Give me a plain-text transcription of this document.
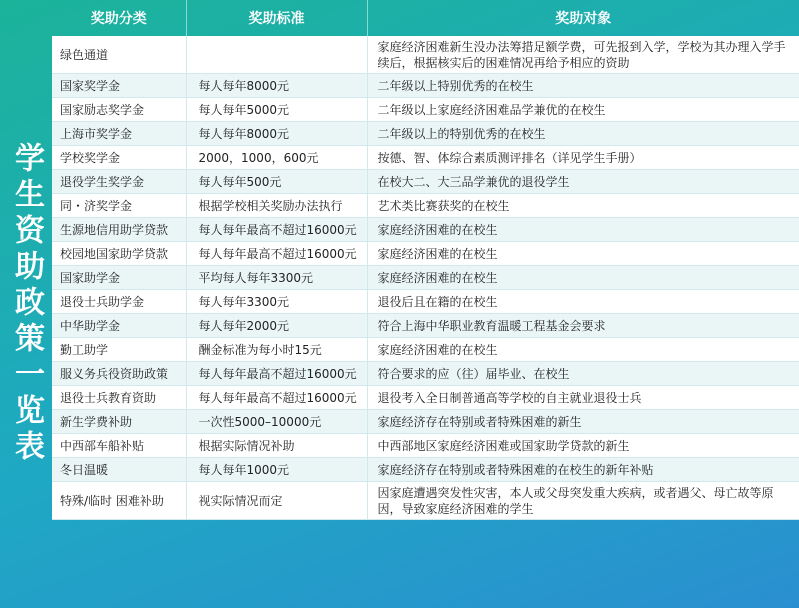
学生资助政策一览表
奖助分类	奖助标准	奖助对象
绿色通道		家庭经济困难新生没办法筹措足额学费，可先报到入学，学校为其办理入学手续后，根据核实后的困难情况再给予相应的资助
国家奖学金	每人每年8000元	二年级以上特别优秀的在校生
国家励志奖学金	每人每年5000元	二年级以上家庭经济困难品学兼优的在校生
上海市奖学金	每人每年8000元	二年级以上的特别优秀的在校生
学校奖学金	2000，1000，600元	按德、智、体综合素质测评排名（详见学生手册）
退役学生奖学金	每人每年500元	在校大二、大三品学兼优的退役学生
同・济奖学金	根据学校相关奖励办法执行	艺术类比赛获奖的在校生
生源地信用助学贷款	每人每年最高不超过16000元	家庭经济困难的在校生
校园地国家助学贷款	每人每年最高不超过16000元	家庭经济困难的在校生
国家助学金	平均每人每年3300元	家庭经济困难的在校生
退役士兵助学金	每人每年3300元	退役后且在籍的在校生
中华助学金	每人每年2000元	符合上海中华职业教育温暖工程基金会要求
勤工助学	酬金标准为每小时15元	家庭经济困难的在校生
服义务兵役资助政策	每人每年最高不超过16000元	符合要求的应（往）届毕业、在校生
退役士兵教育资助	每人每年最高不超过16000元	退役考入全日制普通高等学校的自主就业退役士兵
新生学费补助	一次性5000–10000元	家庭经济存在特别或者特殊困难的新生
中西部车船补贴	根据实际情况补助	中西部地区家庭经济困难或国家助学贷款的新生
冬日温暖	每人每年1000元	家庭经济存在特别或者特殊困难的在校生的新年补贴
特殊/临时 困难补助	视实际情况而定	因家庭遭遇突发性灾害，本人或父母突发重大疾病，或者遇父、母亡故等原因，导致家庭经济困难的学生
